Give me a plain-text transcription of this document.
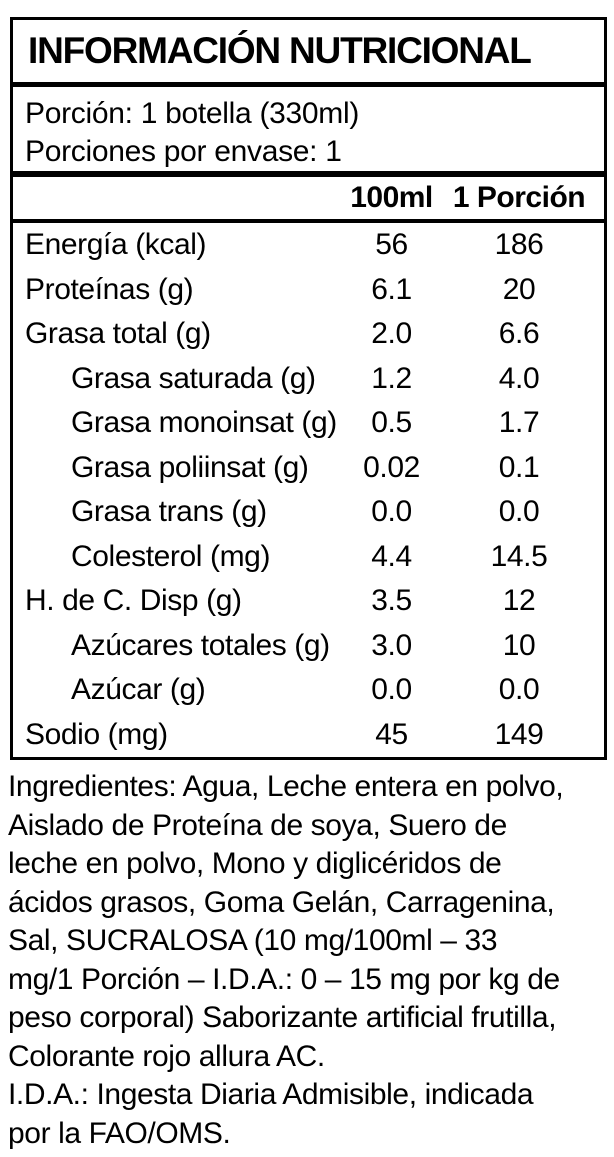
INFORMACIÓN NUTRICIONAL
Porción: 1 botella (330ml)
Porciones por envase: 1
100ml 1 Porción
Energía (kcal)	56	186
Proteínas (g)	6.1	20
Grasa total (g)	2.0	6.6
Grasa saturada (g)	1.2	4.0
Grasa monoinsat (g)	0.5	1.7
Grasa poliinsat (g)	0.02	0.1
Grasa trans (g)	0.0	0.0
Colesterol (mg)	4.4	14.5
H. de C. Disp (g)	3.5	12
Azúcares totales (g)	3.0	10
Azúcar (g)	0.0	0.0
Sodio (mg)	45	149
Ingredientes: Agua, Leche entera en polvo,
Aislado de Proteína de soya, Suero de
leche en polvo, Mono y diglicéridos de
ácidos grasos, Goma Gelán, Carragenina,
Sal, SUCRALOSA (10 mg/100ml – 33
mg/1 Porción – I.D.A.: 0 – 15 mg por kg de
peso corporal) Saborizante artificial frutilla,
Colorante rojo allura AC.
I.D.A.: Ingesta Diaria Admisible, indicada
por la FAO/OMS.
